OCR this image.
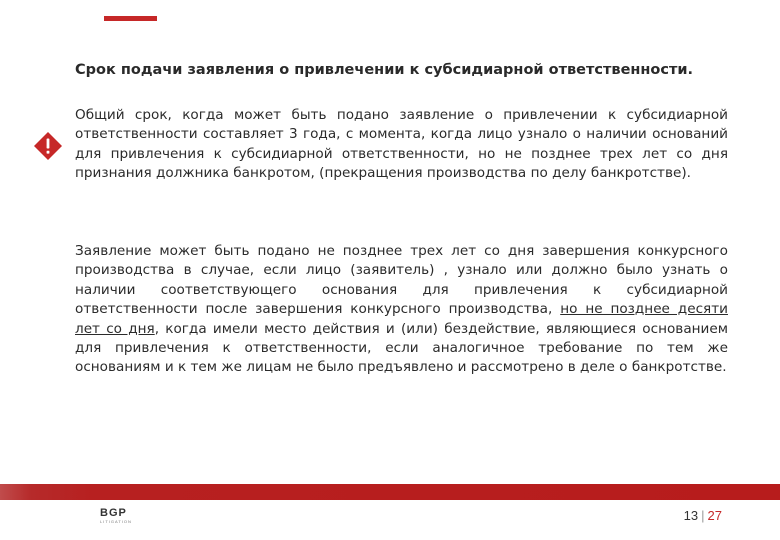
Срок подачи заявления о привлечении к субсидиарной ответственности.
Общий срок, когда может быть подано заявление о привлечении к субсидиарной ответственности составляет 3 года, с момента, когда лицо узнало о наличии оснований для привлечения к субсидиарной ответственности, но не позднее трех лет со дня признания должника банкротом, (прекращения производства по делу банкротстве).
Заявление может быть подано не позднее трех лет со дня завершения конкурсного производства в случае, если лицо (заявитель) , узнало или должно было узнать о наличии соответствующего основания для привлечения к субсидиарной ответственности после завершения конкурсного производства, но не позднее десяти лет со дня, когда имели место действия и (или) бездействие, являющиеся основанием для привлечения к ответственности, если аналогичное требование по тем же основаниям и к тем же лицам не было предъявлено и рассмотрено в деле о банкротстве.
BGP
LITIGATION	13 | 27
